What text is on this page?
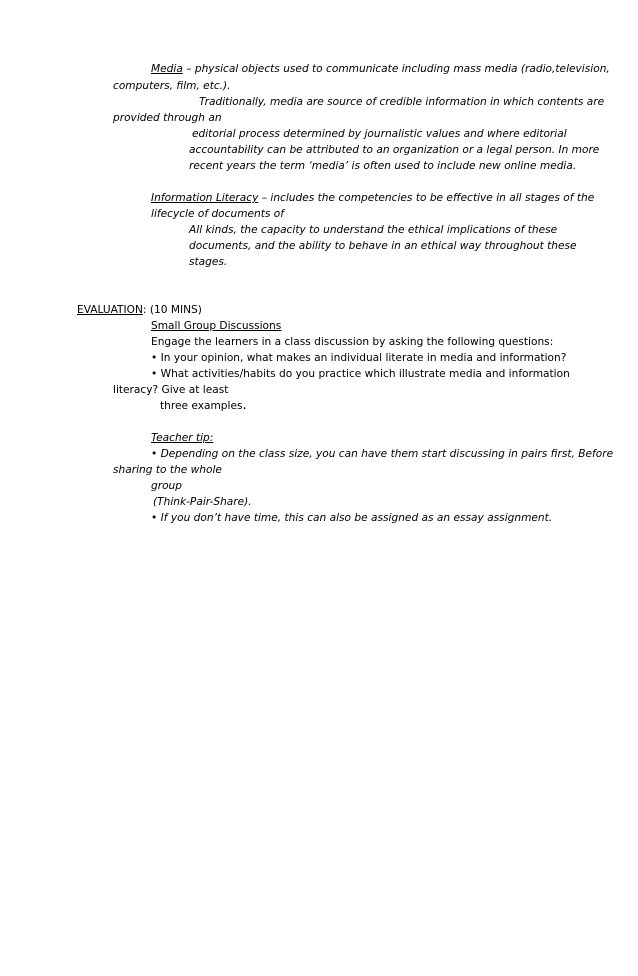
Media – physical objects used to communicate including mass media (radio,television,
computers, film, etc.).
Traditionally, media are source of credible information in which contents are
provided through an
editorial process determined by journalistic values and where editorial
accountability can be attributed to an organization or a legal person. In more
recent years the term ‘media’ is often used to include new online media.
Information Literacy – includes the competencies to be effective in all stages of the
lifecycle of documents of
All kinds, the capacity to understand the ethical implications of these
documents, and the ability to behave in an ethical way throughout these
stages.
EVALUATION: (10 MINS)
Small Group Discussions
Engage the learners in a class discussion by asking the following questions:
• In your opinion, what makes an individual literate in media and information?
• What activities/habits do you practice which illustrate media and information
literacy? Give at least
three examples.
Teacher tip:
• Depending on the class size, you can have them start discussing in pairs first, Before
sharing to the whole
group
(Think-Pair-Share).
• If you don’t have time, this can also be assigned as an essay assignment.
